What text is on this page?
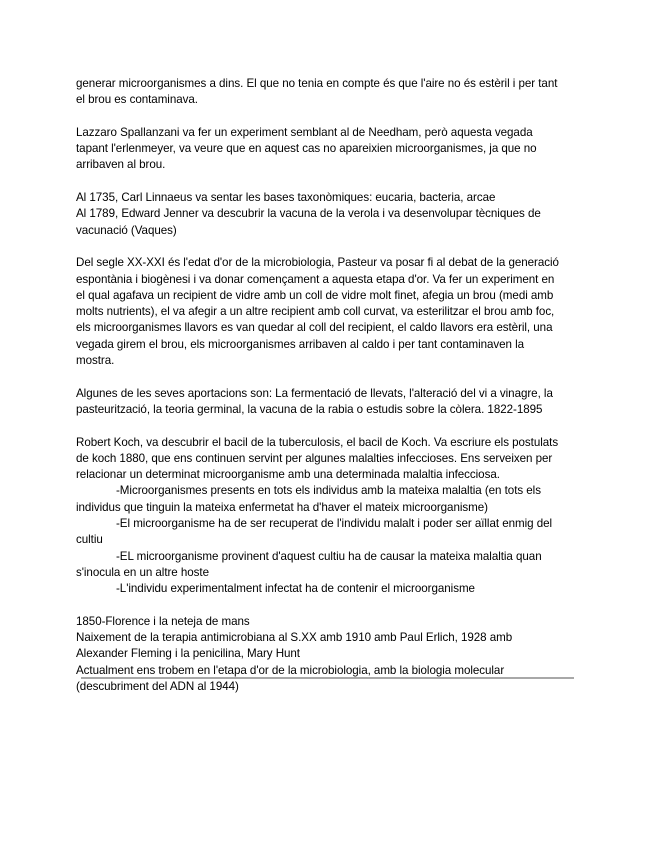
generar microorganismes a dins. El que no tenia en compte és que l'aire no és estèril i per tant
el brou es contaminava.
Lazzaro Spallanzani va fer un experiment semblant al de Needham, però aquesta vegada
tapant l'erlenmeyer, va veure que en aquest cas no apareixien microorganismes, ja que no
arribaven al brou.
Al 1735, Carl Linnaeus va sentar les bases taxonòmiques: eucaria, bacteria, arcae
Al 1789, Edward Jenner va descubrir la vacuna de la verola i va desenvolupar tècniques de
vacunació (Vaques)
Del segle XX-XXI és l'edat d'or de la microbiologia, Pasteur va posar fi al debat de la generació
espontània i biogènesi i va donar començament a aquesta etapa d'or. Va fer un experiment en
el qual agafava un recipient de vidre amb un coll de vidre molt finet, afegia un brou (medi amb
molts nutrients), el va afegir a un altre recipient amb coll curvat, va esterilitzar el brou amb foc,
els microorganismes llavors es van quedar al coll del recipient, el caldo llavors era estèril, una
vegada girem el brou, els microorganismes arribaven al caldo i per tant contaminaven la
mostra.
Algunes de les seves aportacions son: La fermentació de llevats, l'alteració del vi a vinagre, la
pasteurització, la teoria germinal, la vacuna de la rabia o estudis sobre la còlera. 1822-1895
Robert Koch, va descubrir el bacil de la tuberculosis, el bacil de Koch. Va escriure els postulats
de koch 1880, que ens continuen servint per algunes malalties infeccioses. Ens serveixen per
relacionar un determinat microorganisme amb una determinada malaltia infecciosa.
-Microorganismes presents en tots els individus amb la mateixa malaltia (en tots els
individus que tinguin la mateixa enfermetat ha d'haver el mateix microorganisme)
-El microorganisme ha de ser recuperat de l'individu malalt i poder ser aïllat enmig del
cultiu
-EL microorganisme provinent d'aquest cultiu ha de causar la mateixa malaltia quan
s'inocula en un altre hoste
-L'individu experimentalment infectat ha de contenir el microorganisme
1850-Florence i la neteja de mans
Naixement de la terapia antimicrobiana al S.XX amb 1910 amb Paul Erlich, 1928 amb
Alexander Fleming i la penicilina, Mary Hunt
Actualment ens trobem en l'etapa d'or de la microbiologia, amb la biologia molecular
(descubriment del ADN al 1944)
